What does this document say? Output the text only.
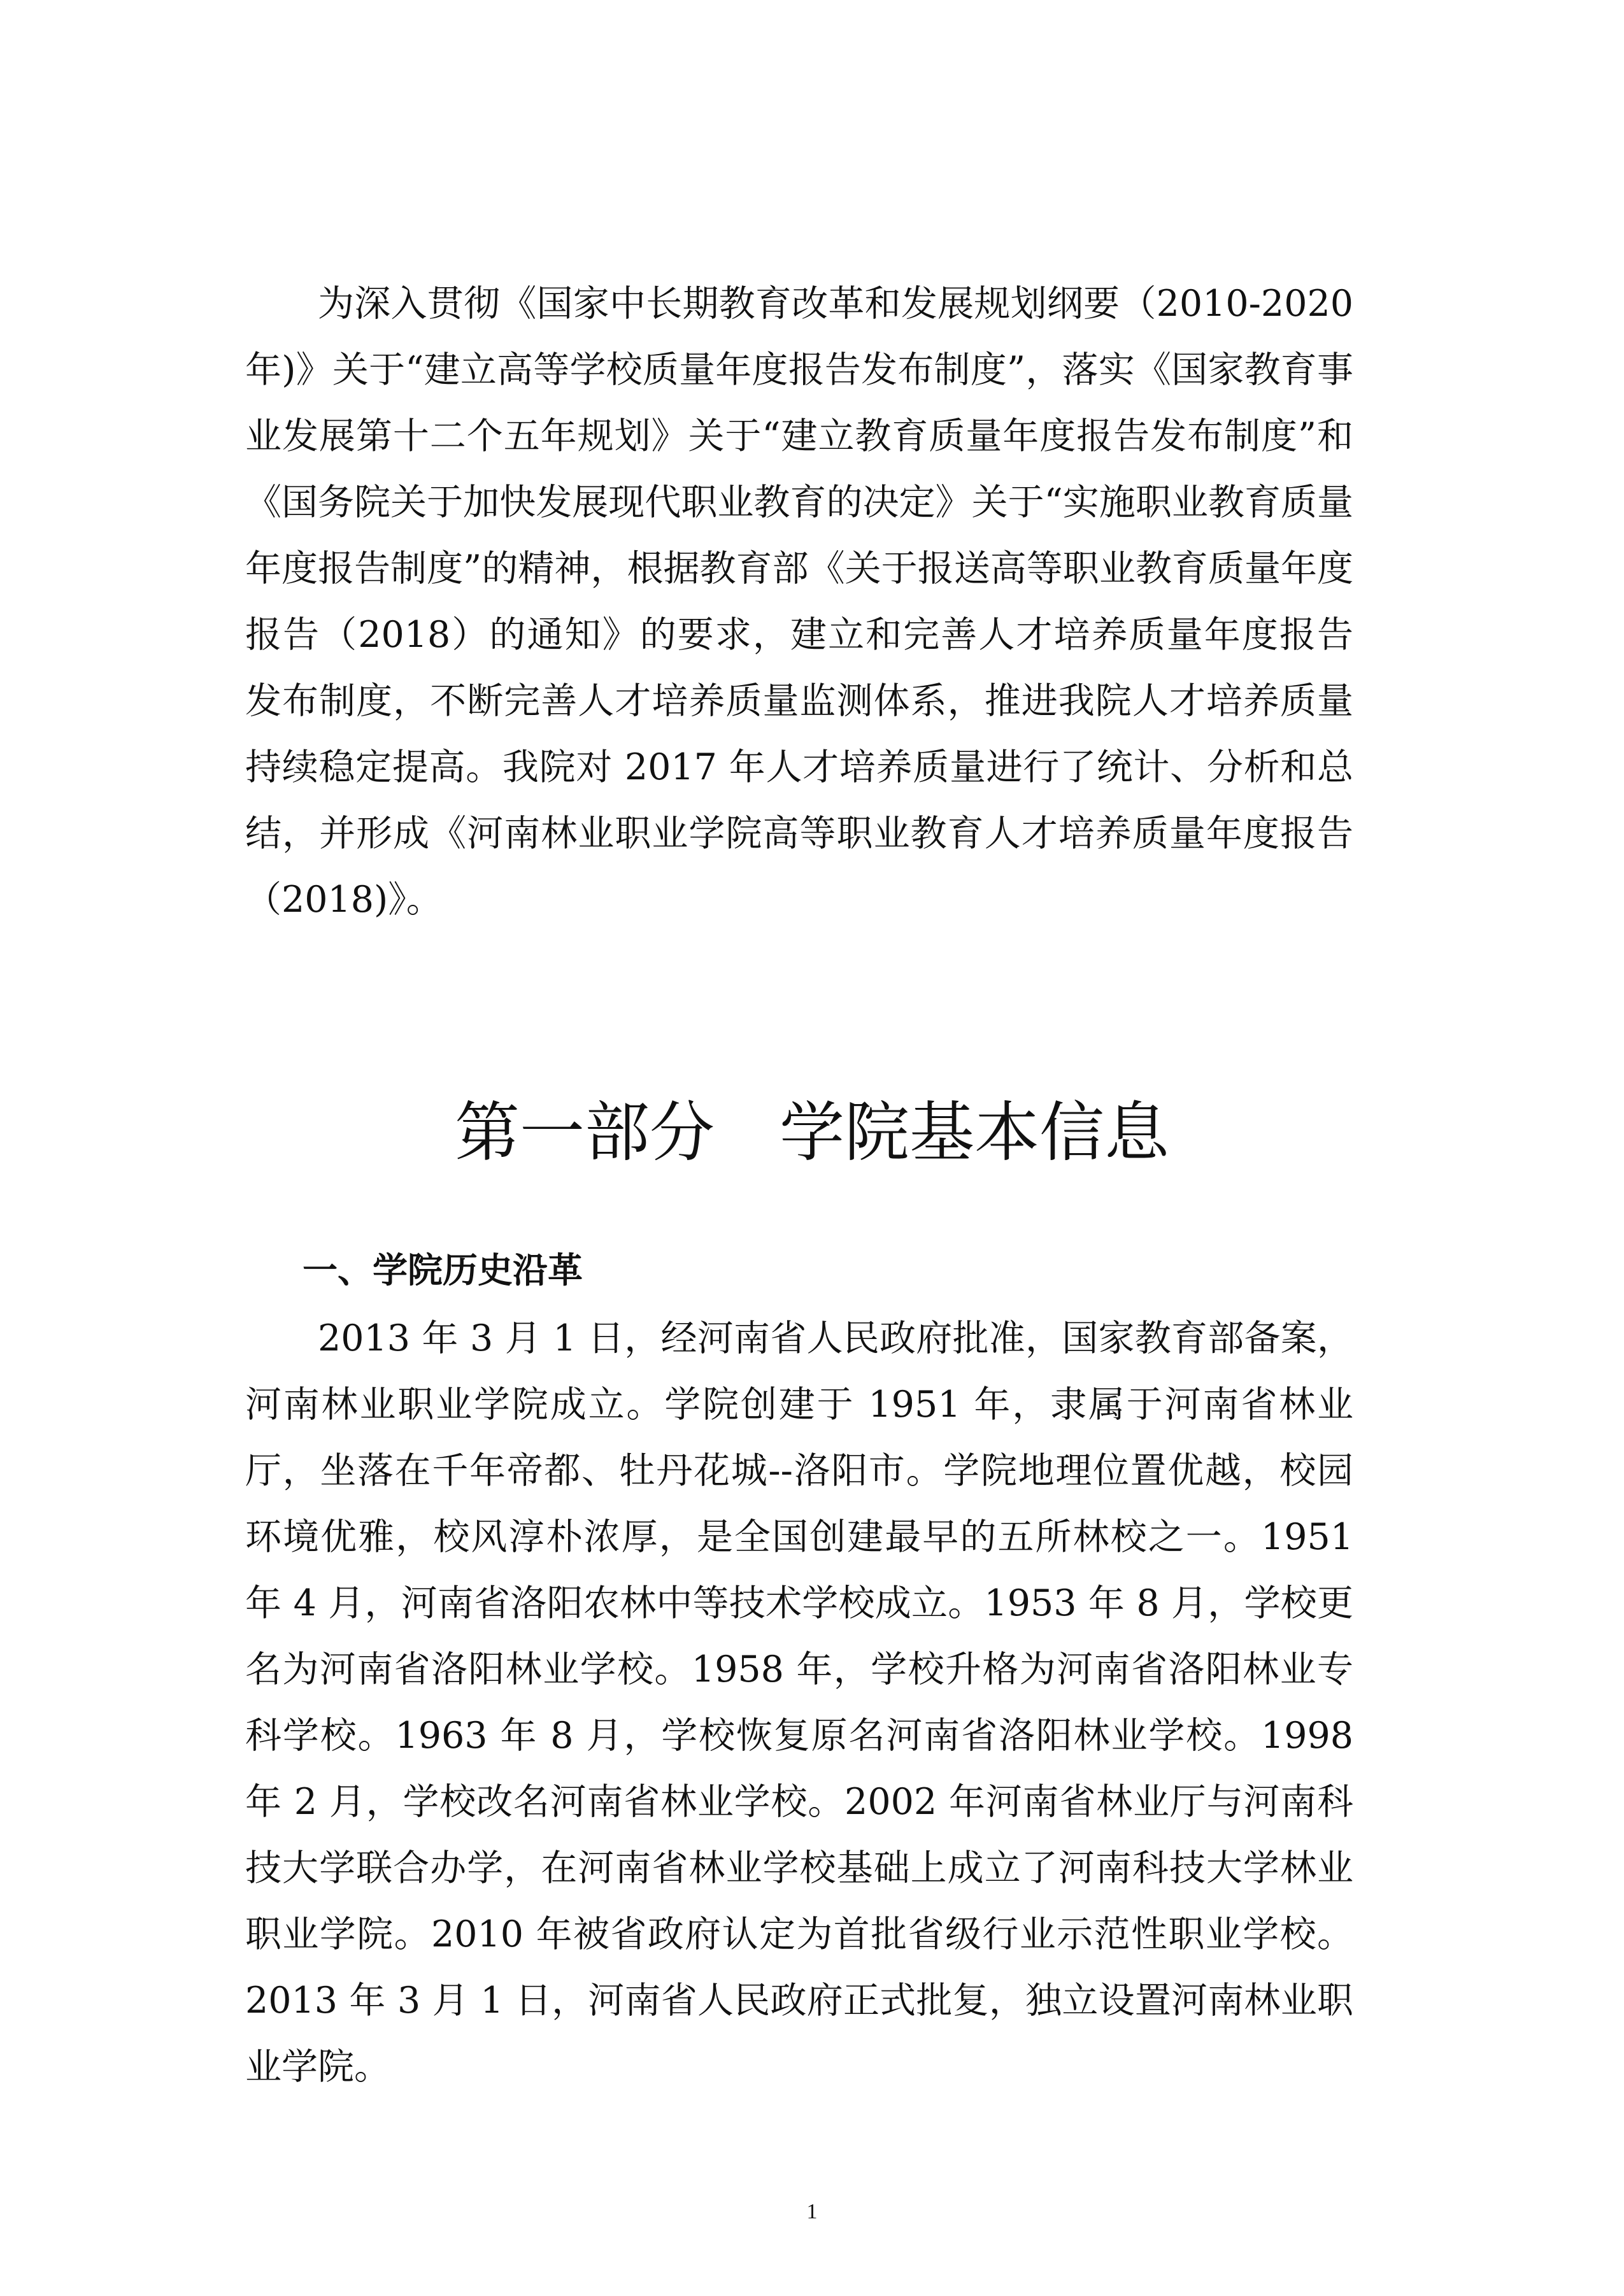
为深入贯彻《国家中长期教育改革和发展规划纲要（2010-2020年)》关于“建立高等学校质量年度报告发布制度”，落实《国家教育事业发展第十二个五年规划》关于“建立教育质量年度报告发布制度”和《国务院关于加快发展现代职业教育的决定》关于“实施职业教育质量年度报告制度”的精神，根据教育部《关于报送高等职业教育质量年度报告（2018）的通知》的要求，建立和完善人才培养质量年度报告发布制度，不断完善人才培养质量监测体系，推进我院人才培养质量持续稳定提高。我院对 2017 年人才培养质量进行了统计、分析和总结，并形成《河南林业职业学院高等职业教育人才培养质量年度报告（2018)》。

第一部分　学院基本信息
一、学院历史沿革

2013 年 3 月 1 日，经河南省人民政府批准，国家教育部备案，河南林业职业学院成立。学院创建于 1951 年，隶属于河南省林业厅，坐落在千年帝都、牡丹花城--洛阳市。学院地理位置优越，校园环境优雅，校风淳朴浓厚，是全国创建最早的五所林校之一。1951 年 4 月，河南省洛阳农林中等技术学校成立。1953 年 8 月，学校更名为河南省洛阳林业学校。1958 年，学校升格为河南省洛阳林业专科学校。1963 年 8 月，学校恢复原名河南省洛阳林业学校。1998 年 2 月，学校改名河南省林业学校。2002 年河南省林业厅与河南科技大学联合办学，在河南省林业学校基础上成立了河南科技大学林业职业学院。2010 年被省政府认定为首批省级行业示范性职业学校。2013 年 3 月 1 日，河南省人民政府正式批复，独立设置河南林业职业学院。

1
